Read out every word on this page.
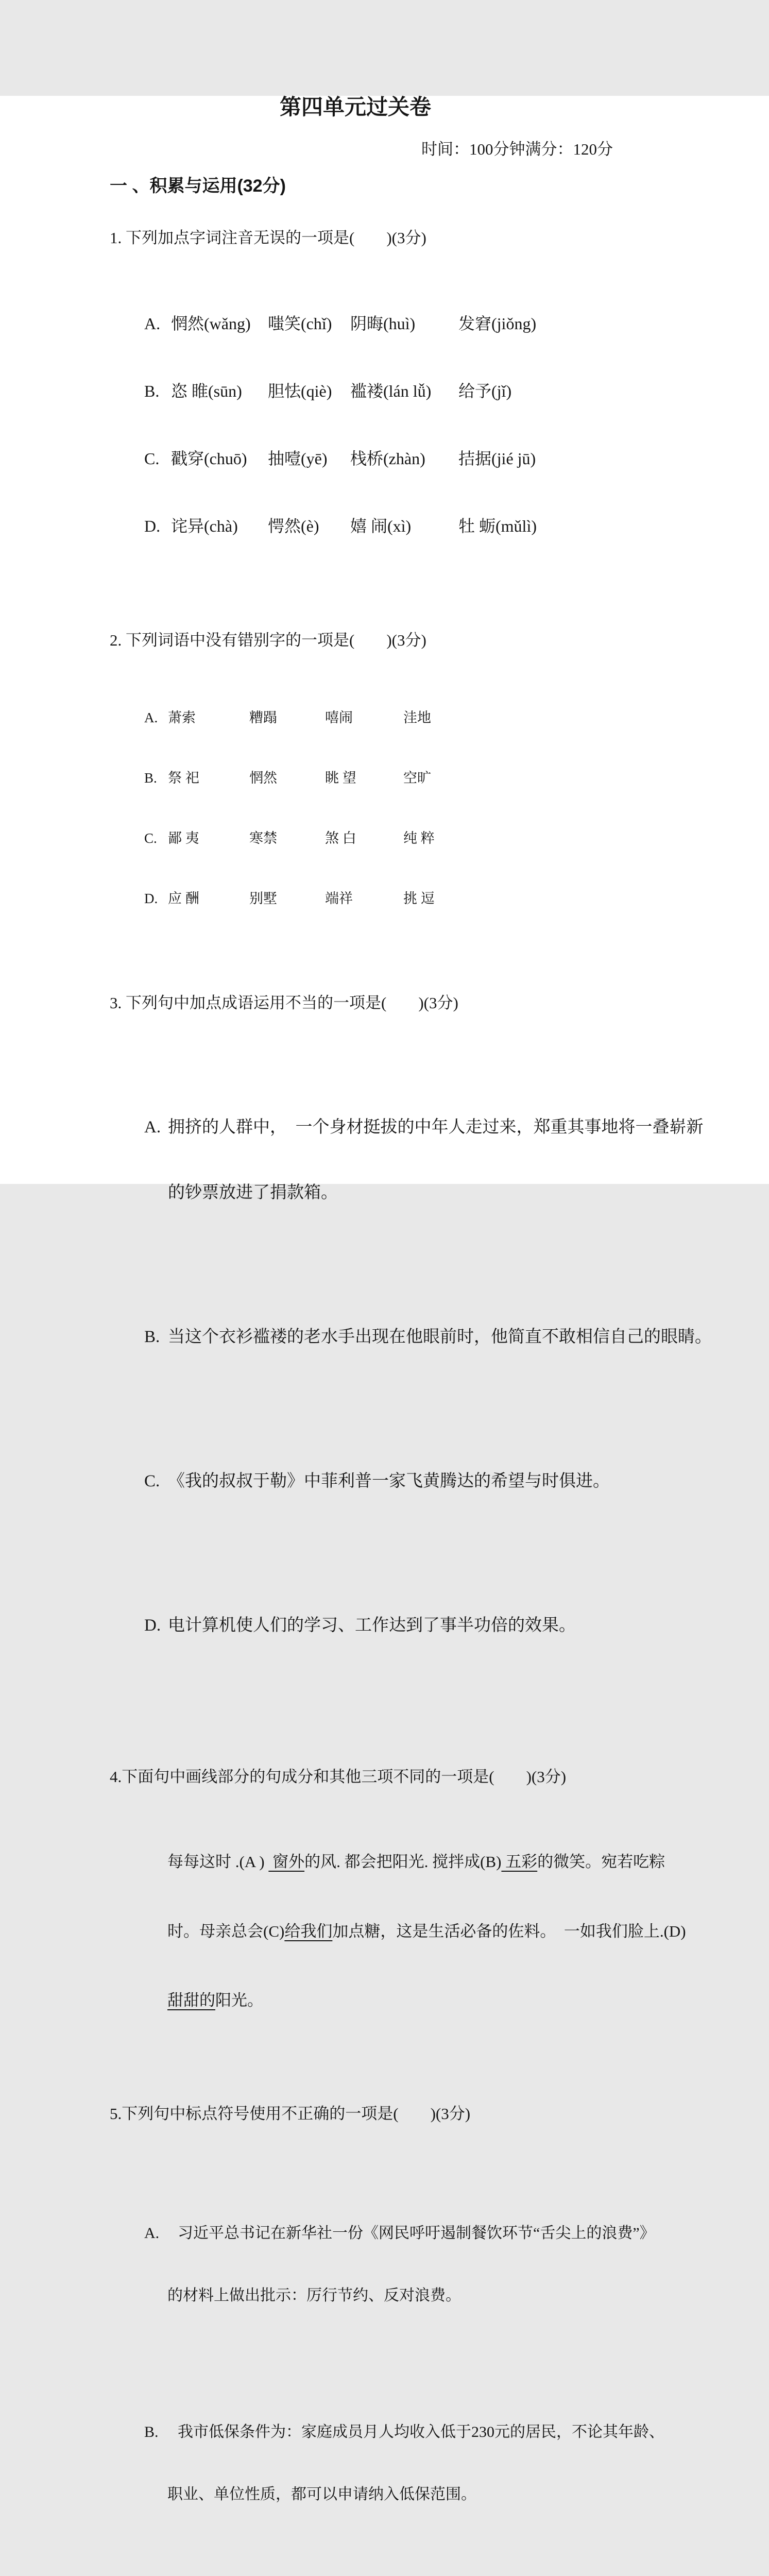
第四单元过关卷
时间：100分钟满分：120分
一 、积累与运用(32分)

1. 下列加点字词注音无误的一项是(　　)(3分)

A. 惘然(wǎng)	嗤笑(chǐ)	阴晦(huì)	发窘(jiǒng)

B. 恣 睢(sūn)	胆怯(qiè)	褴褛(lán lǚ)	给予(jǐ)

C. 戳穿(chuō)	抽噎(yē)	栈桥(zhàn)	拮据(jié jū)

D. 诧异(chà)	愕然(è)	嬉 闹(xì)	牡 蛎(mǔlì)

2. 下列词语中没有错别字的一项是(　　)(3分)

A. 萧索	糟蹋	嘻闹	洼地

B. 祭 祀	惘然	眺 望	空旷

C. 鄙 夷	寒禁	煞 白	纯 粹

D. 应 酬	别墅	端祥	挑 逗

3. 下列句中加点成语运用不当的一项是(　　)(3分)

A. 拥挤的人群中，　一个身材挺拔的中年人走过来，郑重其事地将一叠崭新

的钞票放进了捐款箱。

B. 当这个衣衫褴褛的老水手出现在他眼前时，他简直不敢相信自己的眼睛。

C. 《我的叔叔于勒》中菲利普一家飞黄腾达的希望与时俱进。

D. 电计算机使人们的学习、工作达到了事半功倍的效果。

4.下面句中画线部分的句成分和其他三项不同的一项是(　　)(3分)

每每这时 .(A )  窗外的风. 都会把阳光. 搅拌成(B) 五彩的微笑。宛若吃粽

时。母亲总会(C)给我们加点糖，这是生活必备的佐料。　一如我们脸上.(D)

甜甜的阳光。

5.下列句中标点符号使用不正确的一项是(　　)(3分)

A.	习近平总书记在新华社一份《网民呼吁遏制餐饮环节“舌尖上的浪费”》

的材料上做出批示：厉行节约、反对浪费。

B.	我市低保条件为：家庭成员月人均收入低于230元的居民，不论其年龄、

职业、单位性质，都可以申请纳入低保范围。
